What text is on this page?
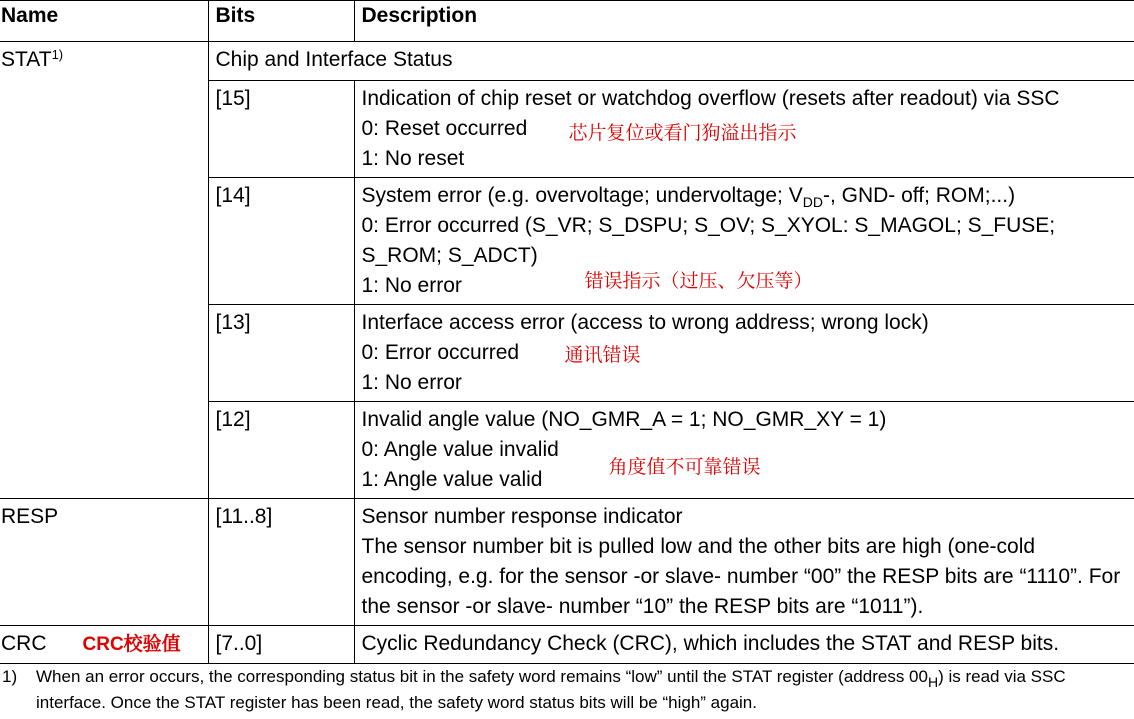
Name	Bits	Description
STAT$^{1)}$	Chip and Interface Status	
	[15]	Indication of chip reset or watchdog overflow (resets after readout) via SSC
0: Reset occurred
1: No reset
芯片复位或看门狗溢出指示

	[14]	System error (e.g. overvoltage; undervoltage; $V_{DD}-$, GND- off; ROM;...)
0: Error occurred (S_VR; S_DSPU; S_OV; S_XYOL: S_MAGOL; S_FUSE; S_ROM; S_ADCT)
1: No error 错误指示（过压、欠压等）

	[13]	Interface access error (access to wrong address; wrong lock)
0: Error occurred
1: No error
通讯错误

	[12]	Invalid angle value (NO_GMR_A = 1; NO_GMR_XY = 1)
0: Angle value invalid
1: Angle value valid
角度值不可靠错误

RESP	[11..8]	Sensor number response indicator
The sensor number bit is pulled low and the other bits are high (one-cold encoding, e.g. for the sensor -or slave- number “00” the RESP bits are “1110”. For the sensor -or slave- number “10” the RESP bits are “1011”).

CRC CRC校验值	[7..0]	Cyclic Redundancy Check (CRC), which includes the STAT and RESP bits.
1) When an error occurs, the corresponding status bit in the safety word remains “low” until the STAT register (address $00_H$) is read via SSC interface. Once the STAT register has been read, the safety word status bits will be “high” again.
